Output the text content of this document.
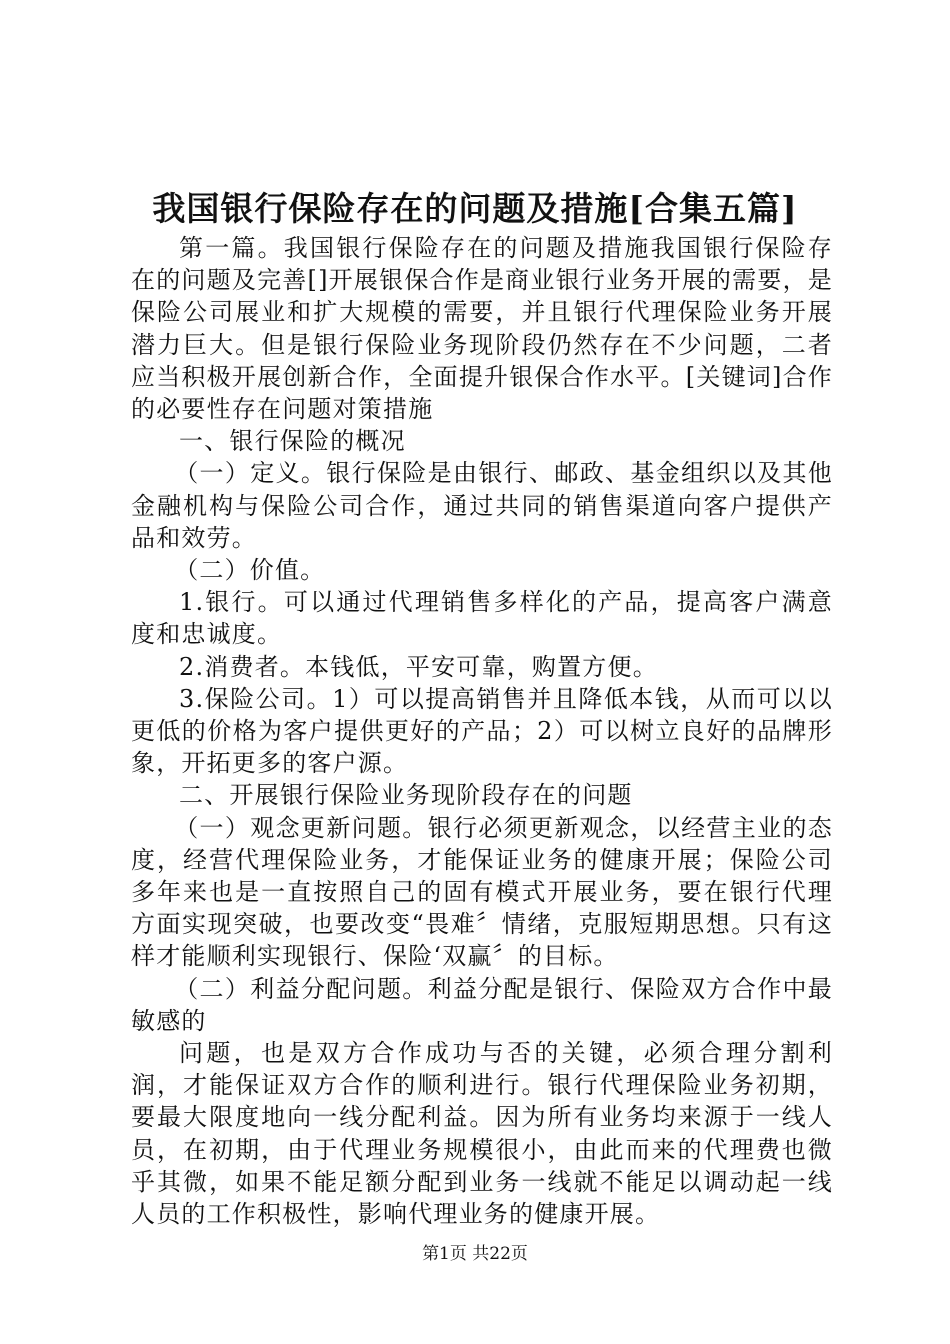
我国银行保险存在的问题及措施[合集五篇]

第一篇。我国银行保险存在的问题及措施我国银行保险存在的问题及完善[]开展银保合作是商业银行业务开展的需要，是保险公司展业和扩大规模的需要，并且银行代理保险业务开展潜力巨大。但是银行保险业务现阶段仍然存在不少问题，二者应当积极开展创新合作，全面提升银保合作水平。[关键词]合作的必要性存在问题对策措施

一、银行保险的概况

（一）定义。银行保险是由银行、邮政、基金组织以及其他金融机构与保险公司合作，通过共同的销售渠道向客户提供产品和效劳。

（二）价值。

1.银行。可以通过代理销售多样化的产品，提高客户满意度和忠诚度。

2.消费者。本钱低，平安可靠，购置方便。

3.保险公司。1）可以提高销售并且降低本钱，从而可以以更低的价格为客户提供更好的产品；2）可以树立良好的品牌形象，开拓更多的客户源。

二、开展银行保险业务现阶段存在的问题

（一）观念更新问题。银行必须更新观念，以经营主业的态度，经营代理保险业务，才能保证业务的健康开展；保险公司多年来也是一直按照自己的固有模式开展业务，要在银行代理方面实现突破，也要改变“畏难〞情绪，克服短期思想。只有这样才能顺利实现银行、保险‘双赢〞的目标。

（二）利益分配问题。利益分配是银行、保险双方合作中最敏感的

问题，也是双方合作成功与否的关键，必须合理分割利润，才能保证双方合作的顺利进行。银行代理保险业务初期，要最大限度地向一线分配利益。因为所有业务均来源于一线人员，在初期，由于代理业务规模很小，由此而来的代理费也微乎其微，如果不能足额分配到业务一线就不能足以调动起一线人员的工作积极性，影响代理业务的健康开展。

第1页 共22页
